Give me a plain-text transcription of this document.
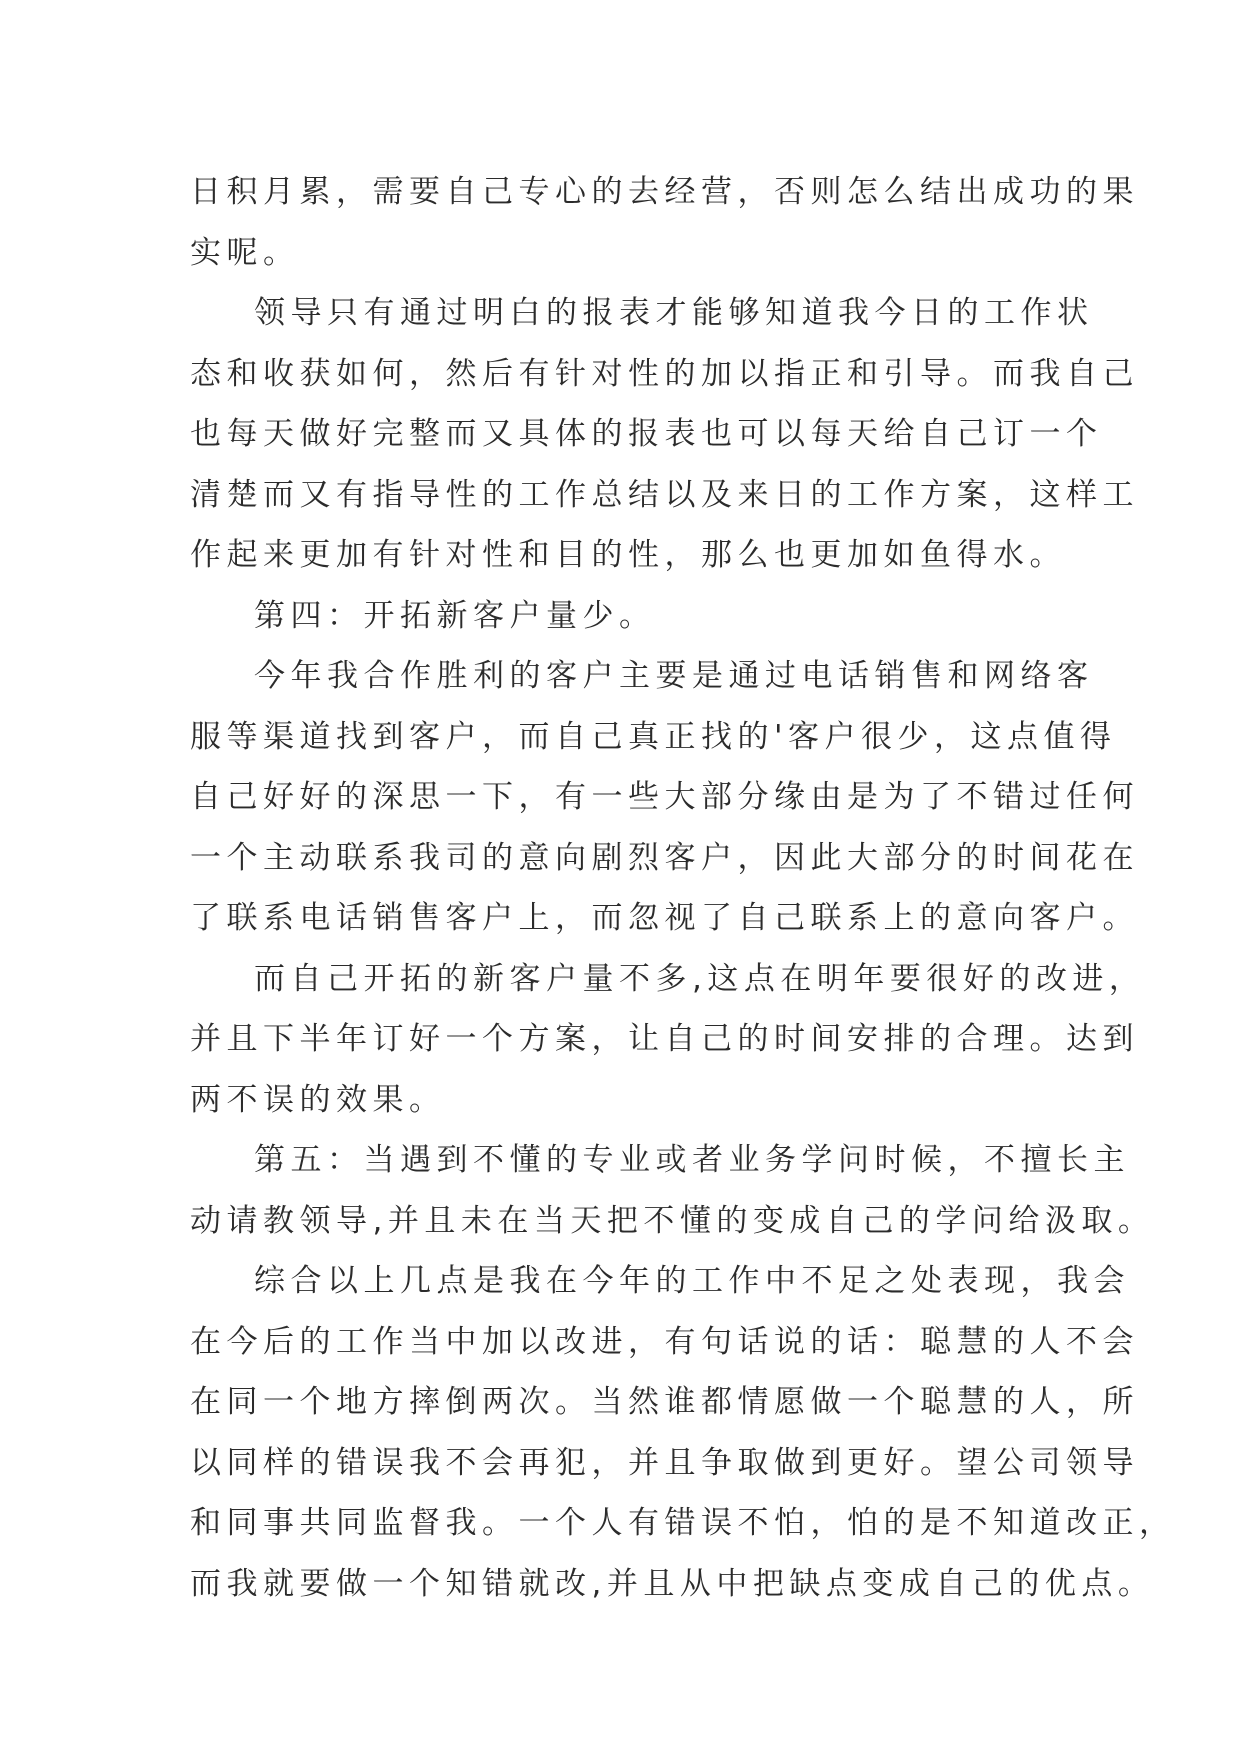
日积月累，需要自己专心的去经营，否则怎么结出成功的果
实呢。
领导只有通过明白的报表才能够知道我今日的工作状
态和收获如何，然后有针对性的加以指正和引导。而我自己
也每天做好完整而又具体的报表也可以每天给自己订一个
清楚而又有指导性的工作总结以及来日的工作方案，这样工
作起来更加有针对性和目的性，那么也更加如鱼得水。
第四：开拓新客户量少。
今年我合作胜利的客户主要是通过电话销售和网络客
服等渠道找到客户，而自己真正找的'客户很少，这点值得
自己好好的深思一下，有一些大部分缘由是为了不错过任何
一个主动联系我司的意向剧烈客户，因此大部分的时间花在
了联系电话销售客户上，而忽视了自己联系上的意向客户。
而自己开拓的新客户量不多,这点在明年要很好的改进，
并且下半年订好一个方案，让自己的时间安排的合理。达到
两不误的效果。
第五：当遇到不懂的专业或者业务学问时候，不擅长主
动请教领导,并且未在当天把不懂的变成自己的学问给汲取。
综合以上几点是我在今年的工作中不足之处表现，我会
在今后的工作当中加以改进，有句话说的话：聪慧的人不会
在同一个地方摔倒两次。当然谁都情愿做一个聪慧的人，所
以同样的错误我不会再犯，并且争取做到更好。望公司领导
和同事共同监督我。一个人有错误不怕，怕的是不知道改正，
而我就要做一个知错就改,并且从中把缺点变成自己的优点。
